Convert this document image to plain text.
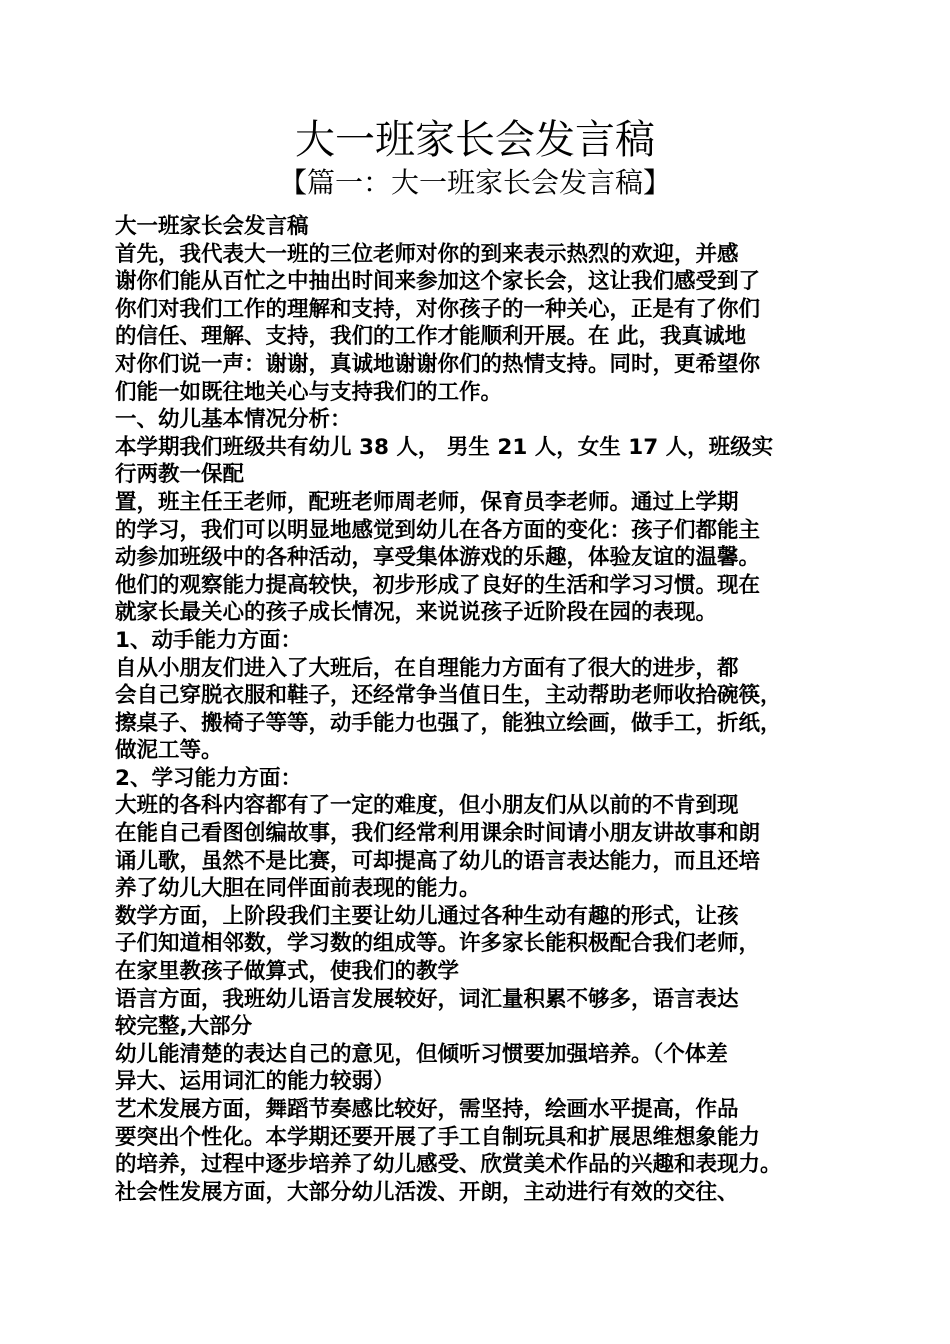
大一班家长会发言稿
【篇一：大一班家长会发言稿】
大一班家长会发言稿
首先，我代表大一班的三位老师对你的到来表示热烈的欢迎，并感
谢你们能从百忙之中抽出时间来参加这个家长会，这让我们感受到了
你们对我们工作的理解和支持，对你孩子的一种关心，正是有了你们
的信任、理解、支持，我们的工作才能顺利开展。在 此，我真诚地
对你们说一声：谢谢，真诚地谢谢你们的热情支持。同时，更希望你
们能一如既往地关心与支持我们的工作。
一、幼儿基本情况分析：
本学期我们班级共有幼儿 38 人， 男生 21 人，女生 17 人，班级实
行两教一保配
置，班主任王老师，配班老师周老师，保育员李老师。通过上学期
的学习，我们可以明显地感觉到幼儿在各方面的变化：孩子们都能主
动参加班级中的各种活动，享受集体游戏的乐趣，体验友谊的温馨。
他们的观察能力提高较快，初步形成了良好的生活和学习习惯。现在
就家长最关心的孩子成长情况，来说说孩子近阶段在园的表现。
1、动手能力方面：
自从小朋友们进入了大班后，在自理能力方面有了很大的进步，都
会自己穿脱衣服和鞋子，还经常争当值日生，主动帮助老师收拾碗筷，
擦桌子、搬椅子等等，动手能力也强了，能独立绘画，做手工，折纸，
做泥工等。
2、学习能力方面：
大班的各科内容都有了一定的难度，但小朋友们从以前的不肯到现
在能自己看图创编故事，我们经常利用课余时间请小朋友讲故事和朗
诵儿歌，虽然不是比赛，可却提高了幼儿的语言表达能力，而且还培
养了幼儿大胆在同伴面前表现的能力。
数学方面，上阶段我们主要让幼儿通过各种生动有趣的形式，让孩
子们知道相邻数，学习数的组成等。许多家长能积极配合我们老师，
在家里教孩子做算式，使我们的教学
语言方面，我班幼儿语言发展较好，词汇量积累不够多，语言表达
较完整,大部分
幼儿能清楚的表达自己的意见，但倾听习惯要加强培养。（个体差
异大、运用词汇的能力较弱）
艺术发展方面，舞蹈节奏感比较好，需坚持，绘画水平提高，作品
要突出个性化。本学期还要开展了手工自制玩具和扩展思维想象能力
的培养，过程中逐步培养了幼儿感受、欣赏美术作品的兴趣和表现力。
社会性发展方面，大部分幼儿活泼、开朗，主动进行有效的交往、
